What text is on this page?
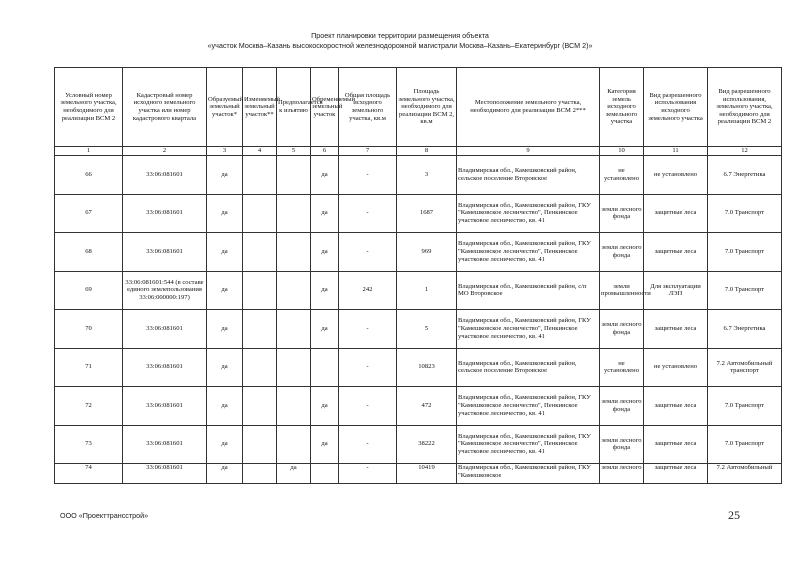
Проект планировки территории размещения объекта
«участок Москва–Казань высокоскоростной железнодорожной магистрали Москва–Казань–Екатеринбург (ВСМ 2)»
Условный номер земельного участка, необходимого для реализации ВСМ 2	Кадастровый номер исходного земельного участка или номер кадастрового квартала	Образуемый земельный участок*	Изменяемый земельный участок**	Предполагается к изъятию	Обременяемый земельный участок	Общая площадь исходного земельного участка, кв.м	Площадь земельного участка, необходимого для реализации ВСМ 2, кв.м	Местоположение земельного участка, необходимого для реализации ВСМ 2***	Категория земель исходного земельного участка	Вид разрешенного использования исходного земельного участка	Вид разрешенного использования, земельного участка, необходимого для реализации ВСМ 2
1	2	3	4	5	6	7	8	9	10	11	12
66	33:06:081601	да			да	-	3	Владимирская обл., Камешковский район, сельское поселение Второвское	не установлено	не установлено	6.7 Энергетика
67	33:06:081601	да			да	-	1687	Владимирская обл., Камешковский район, ГКУ "Камешковское лесничество", Пенкинское участковое лесничество, кв. 41	земли лесного фонда	защитные леса	7.0 Транспорт
68	33:06:081601	да			да	-	969	Владимирская обл., Камешковский район, ГКУ "Камешковское лесничество", Пенкинское участковое лесничество, кв. 41	земли лесного фонда	защитные леса	7.0 Транспорт
69	33:06:081601:544 (в составе единого землепользования 33:06:000000:197)	да			да	242	1	Владимирская обл., Камешковский район, с/п МО Второвское	земли промышленности	Для эксплуатации ЛЭП	7.0 Транспорт
70	33:06:081601	да			да	-	5	Владимирская обл., Камешковский район, ГКУ "Камешковское лесничество", Пенкинское участковое лесничество, кв. 41	земли лесного фонда	защитные леса	6.7 Энергетика
71	33:06:081601	да				-	10823	Владимирская обл., Камешковский район, сельское поселение Второвское	не установлено	не установлено	7.2 Автомобильный транспорт
72	33:06:081601	да			да	-	472	Владимирская обл., Камешковский район, ГКУ "Камешковское лесничество", Пенкинское участковое лесничество, кв. 41	земли лесного фонда	защитные леса	7.0 Транспорт
73	33:06:081601	да			да	-	38222	Владимирская обл., Камешковский район, ГКУ "Камешковское лесничество", Пенкинское участковое лесничество, кв. 41	земли лесного фонда	защитные леса	7.0 Транспорт
74	33:06:081601	да		да		-	10419	Владимирская обл., Камешковский район, ГКУ "Камешковское	земли лесного	защитные леса	7.2 Автомобильный
ООО «Проекттрансстрой»	25
